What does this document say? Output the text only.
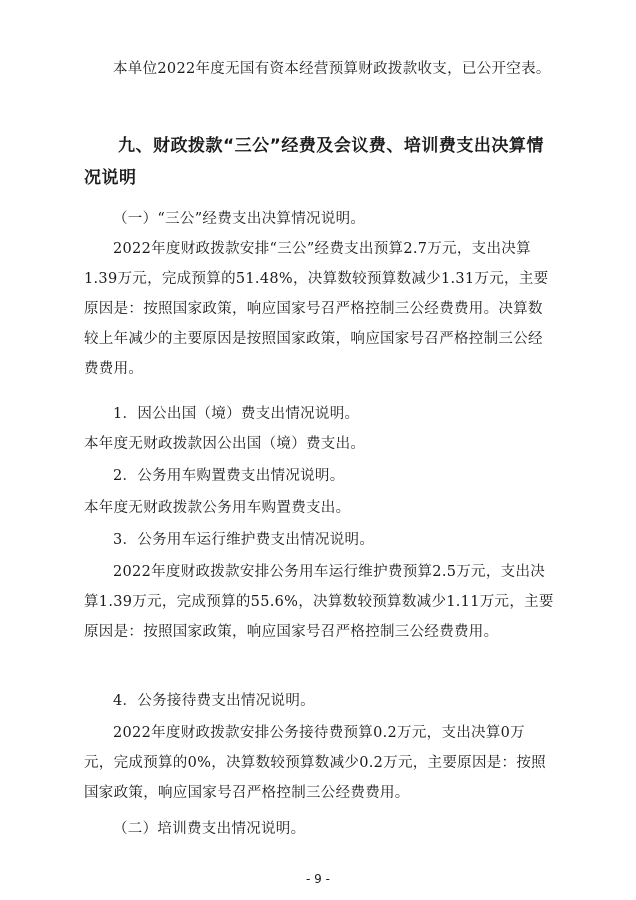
本单位2022年度无国有资本经营预算财政拨款收支，已公开空表。

九、财政拨款“三公”经费及会议费、培训费支出决算情况说明

（一）“三公”经费支出决算情况说明。

2022年度财政拨款安排“三公”经费支出预算2.7万元，支出决算1.39万元，完成预算的51.48%，决算数较预算数减少1.31万元，主要原因是：按照国家政策，响应国家号召严格控制三公经费费用。决算数较上年减少的主要原因是按照国家政策，响应国家号召严格控制三公经费费用。

1．因公出国（境）费支出情况说明。

本年度无财政拨款因公出国（境）费支出。

2．公务用车购置费支出情况说明。

本年度无财政拨款公务用车购置费支出。

3．公务用车运行维护费支出情况说明。

2022年度财政拨款安排公务用车运行维护费预算2.5万元，支出决算1.39万元，完成预算的55.6%，决算数较预算数减少1.11万元，主要原因是：按照国家政策，响应国家号召严格控制三公经费费用。

4．公务接待费支出情况说明。

2022年度财政拨款安排公务接待费预算0.2万元，支出决算0万元，完成预算的0%，决算数较预算数减少0.2万元，主要原因是：按照国家政策，响应国家号召严格控制三公经费费用。

（二）培训费支出情况说明。

- 9 -
